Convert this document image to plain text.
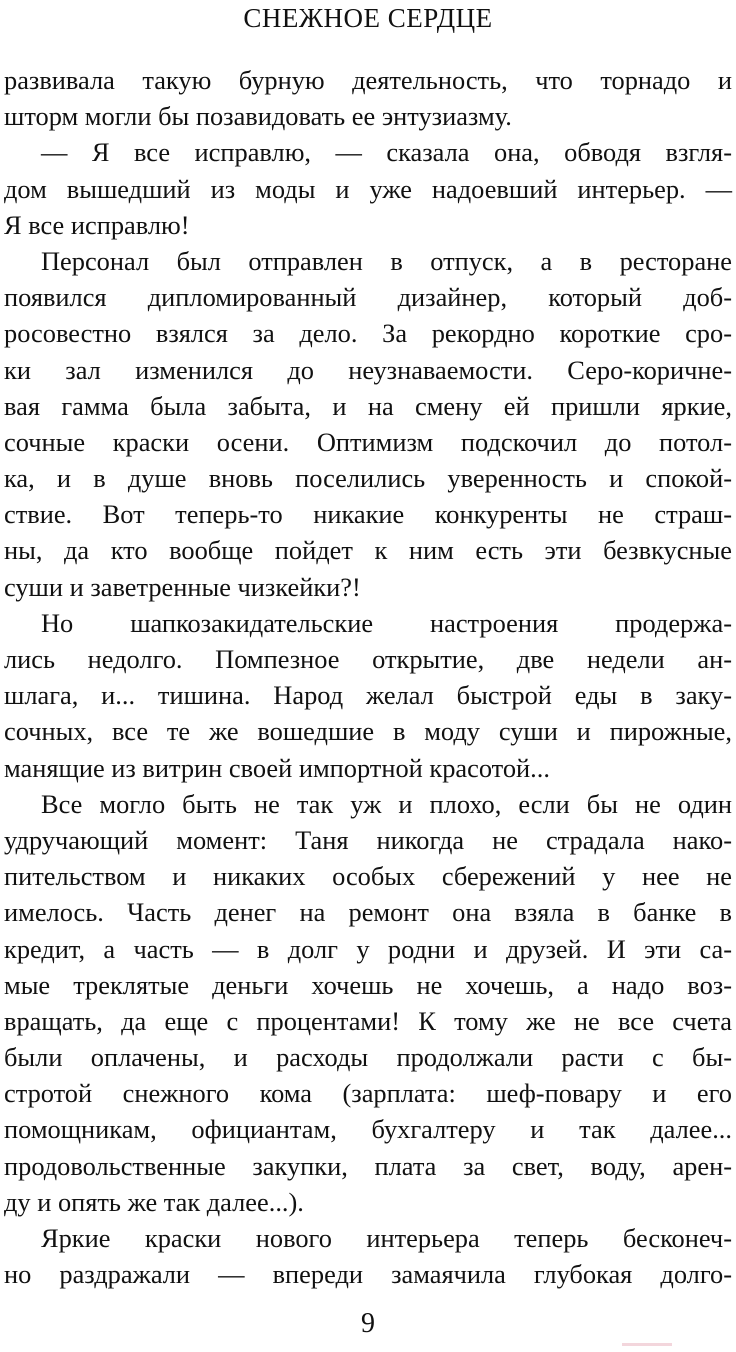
СНЕЖНОЕ СЕРДЦЕ
развивала такую бурную деятельность, что торнадо и
шторм могли бы позавидовать ее энтузиазму.
— Я все исправлю, — сказала она, обводя взгля-
дом вышедший из моды и уже надоевший интерьер. —
Я все исправлю!
Персонал был отправлен в отпуск, а в ресторане
появился дипломированный дизайнер, который доб-
росовестно взялся за дело. За рекордно короткие сро-
ки зал изменился до неузнаваемости. Серо-коричне-
вая гамма была забыта, и на смену ей пришли яркие,
сочные краски осени. Оптимизм подскочил до потол-
ка, и в душе вновь поселились уверенность и спокой-
ствие. Вот теперь-то никакие конкуренты не страш-
ны, да кто вообще пойдет к ним есть эти безвкусные
суши и заветренные чизкейки?!
Но шапкозакидательские настроения продержа-
лись недолго. Помпезное открытие, две недели ан-
шлага, и... тишина. Народ желал быстрой еды в заку-
сочных, все те же вошедшие в моду суши и пирожные,
манящие из витрин своей импортной красотой...
Все могло быть не так уж и плохо, если бы не один
удручающий момент: Таня никогда не страдала нако-
пительством и никаких особых сбережений у нее не
имелось. Часть денег на ремонт она взяла в банке в
кредит, а часть — в долг у родни и друзей. И эти са-
мые треклятые деньги хочешь не хочешь, а надо воз-
вращать, да еще с процентами! К тому же не все счета
были оплачены, и расходы продолжали расти с бы-
стротой снежного кома (зарплата: шеф-повару и его
помощникам, официантам, бухгалтеру и так далее...
продовольственные закупки, плата за свет, воду, арен-
ду и опять же так далее...).
Яркие краски нового интерьера теперь бесконеч-
но раздражали — впереди замаячила глубокая долго-
9
